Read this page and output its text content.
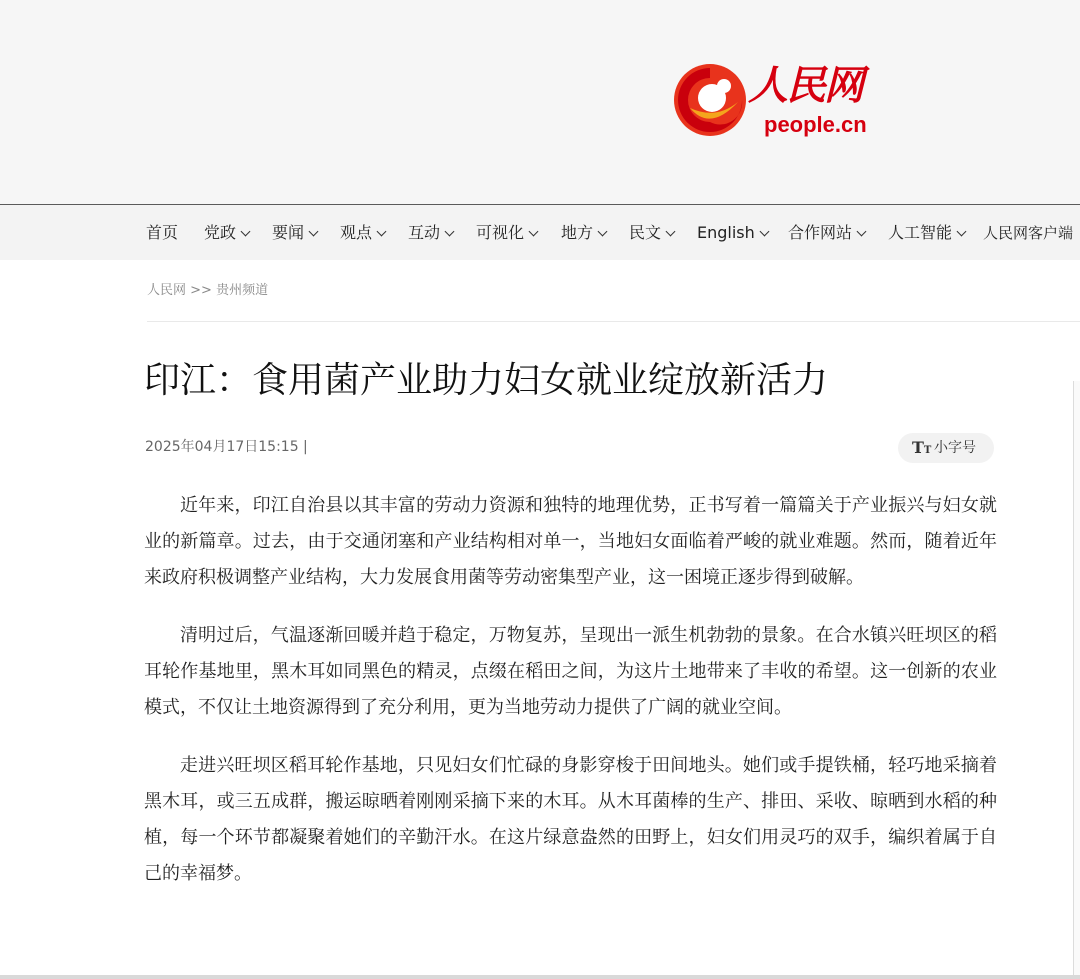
人民网
people.cn
首页 党政	要闻	观点	互动	可视化	地方	民文	English	合作网站	人工智能	人民网客户端
人民网 >> 贵州频道
印江：食用菌产业助力妇女就业绽放新活力
2025年04月17日15:15 |	TT 小字号

近年来，印江自治县以其丰富的劳动力资源和独特的地理优势，正书写着一篇篇关于产业振兴与妇女就业的新篇章。过去，由于交通闭塞和产业结构相对单一，当地妇女面临着严峻的就业难题。然而，随着近年来政府积极调整产业结构，大力发展食用菌等劳动密集型产业，这一困境正逐步得到破解。

清明过后，气温逐渐回暖并趋于稳定，万物复苏，呈现出一派生机勃勃的景象。在合水镇兴旺坝区的稻耳轮作基地里，黑木耳如同黑色的精灵，点缀在稻田之间，为这片土地带来了丰收的希望。这一创新的农业模式，不仅让土地资源得到了充分利用，更为当地劳动力提供了广阔的就业空间。

走进兴旺坝区稻耳轮作基地，只见妇女们忙碌的身影穿梭于田间地头。她们或手提铁桶，轻巧地采摘着黑木耳，或三五成群，搬运晾晒着刚刚采摘下来的木耳。从木耳菌棒的生产、排田、采收、晾晒到水稻的种植，每一个环节都凝聚着她们的辛勤汗水。在这片绿意盎然的田野上，妇女们用灵巧的双手，编织着属于自己的幸福梦。
